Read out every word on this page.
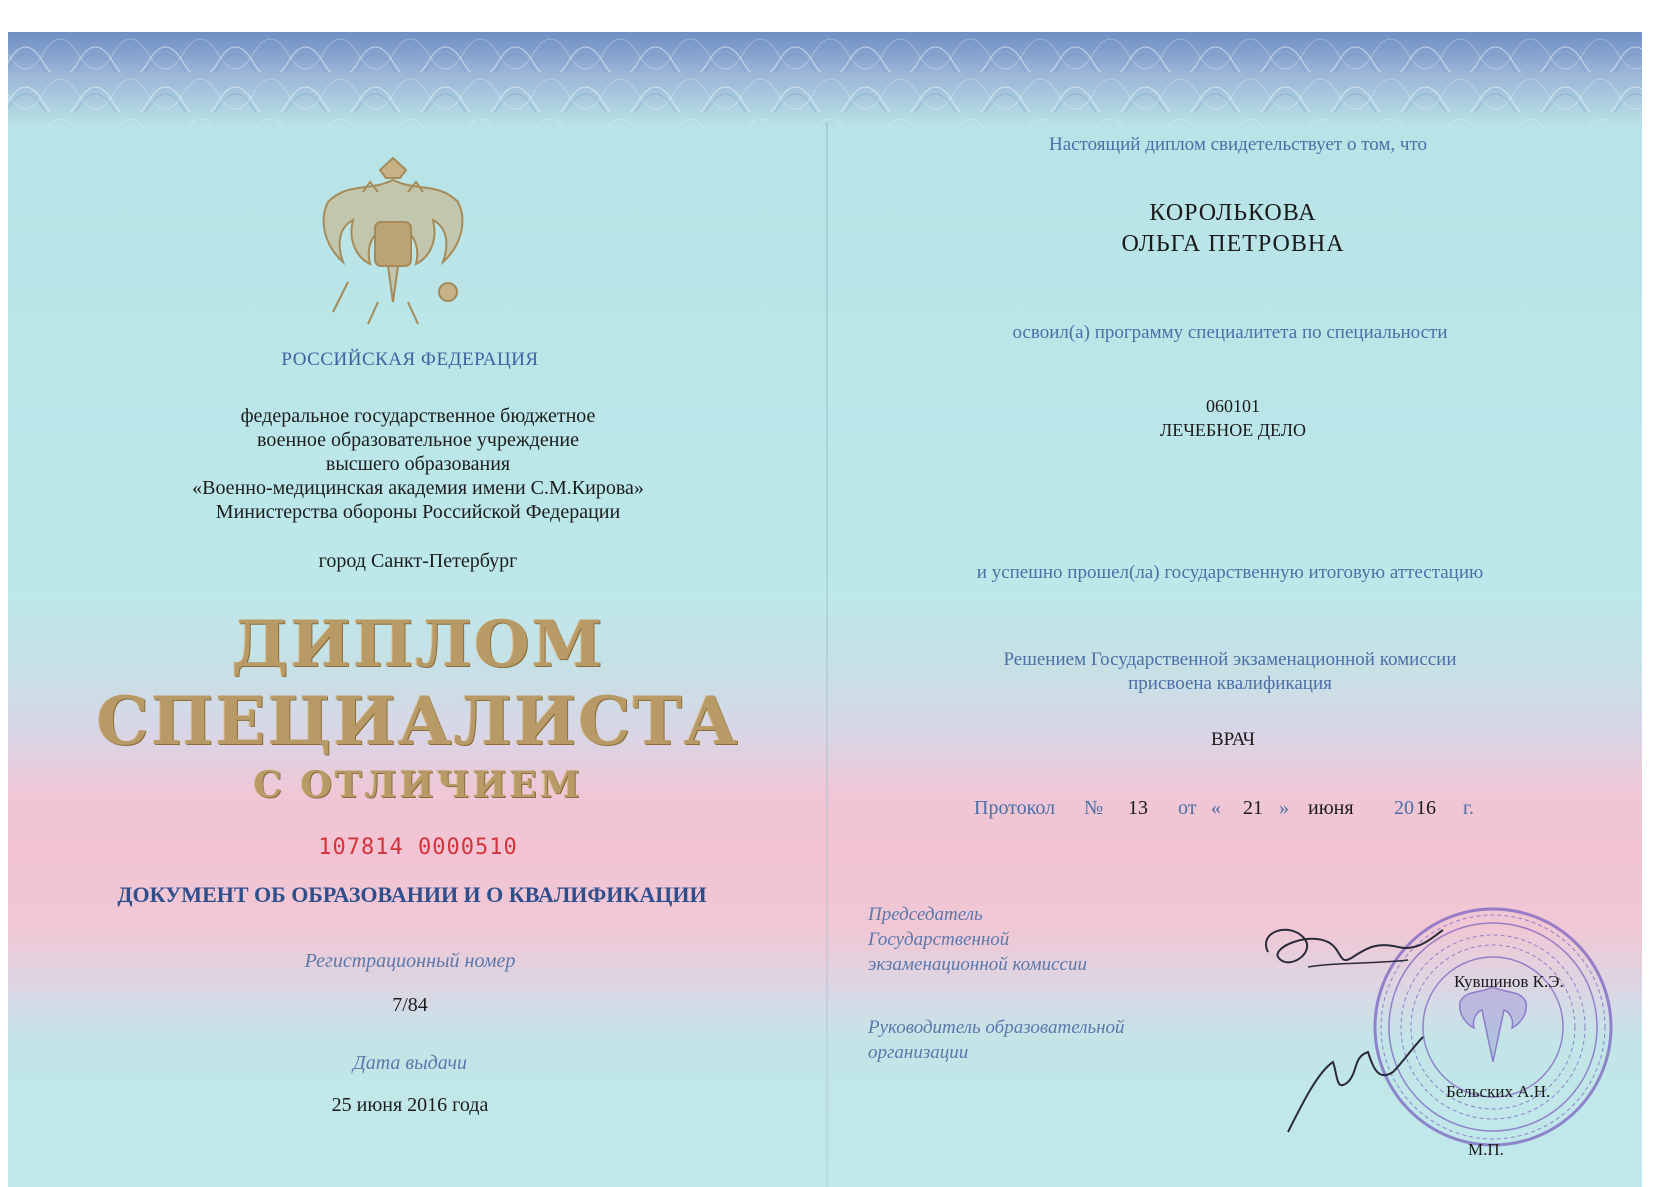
РОССИЙСКАЯ ФЕДЕРАЦИЯ
федеральное государственное бюджетное
военное образовательное учреждение
высшего образования
«Военно-медицинская академия имени С.М.Кирова»
Министерства обороны Российской Федерации
город Санкт-Петербург
ДИПЛОМ
СПЕЦИАЛИСТА
С ОТЛИЧИЕМ
107814 0000510
ДОКУМЕНТ ОБ ОБРАЗОВАНИИ И О КВАЛИФИКАЦИИ
Регистрационный номер
7/84
Дата выдачи
25 июня 2016 года
Настоящий диплом свидетельствует о том, что
КОРОЛЬКОВА
ОЛЬГА ПЕТРОВНА
освоил(а) программу специалитета по специальности
060101
ЛЕЧЕБНОЕ ДЕЛО
и успешно прошел(ла) государственную итоговую аттестацию
Решением Государственной экзаменационной комиссии
присвоена квалификация
ВРАЧ
Протокол № 13 от « 21 » июня 20 16 г.
Председатель
Государственной
экзаменационной комиссии
Руководитель образовательной
организации
Кувшинов К.Э.
Бельских А.Н.
М.П.
